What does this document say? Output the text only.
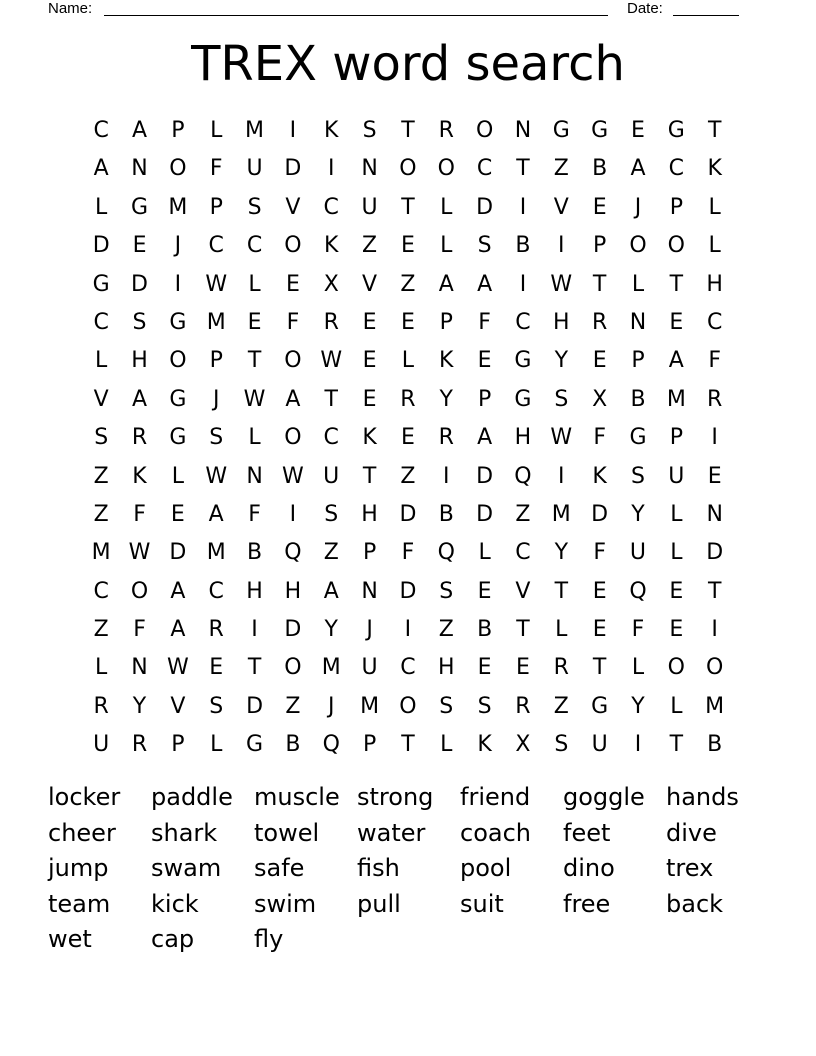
Name:	Date:
TREX word search
C	A	P	L	M	I	K	S	T	R	O N G G	E	G	T
A	N O	F	U D	I	N O O	C	T	Z	B	A	C	K
L	G M	P	S	V	C	U	T	L	D	I	V	E	J	P	L
D	E	J	C	C O	K	Z	E	L	S	B	I	P	O O	L
G D	I	W L	E	X	V	Z	A	A	I	W T	L	T	H
C	S	G M E	F	R	E	E	P	F	C	H	R	N	E	C
L	H O	P	T	O W E	L	K	E	G	Y	E	P	A	F
V	A	G	J	W A	T	E	R	Y	P	G	S	X	B M R
S	R	G	S	L	O	C	K	E	R	A	H W F	G	P	I
Z	K	L W N W U	T	Z	I	D Q	I	K	S	U	E
Z	F	E	A	F	I	S	H D	B	D	Z M D	Y	L	N
M W D M B	Q	Z	P	F	Q	L	C	Y	F	U	L	D
C O	A	C	H H	A	N D	S	E	V	T	E	Q	E	T
Z	F	A	R	I	D	Y	J	I	Z	B	T	L	E	F	E	I
L	N W E	T	O M U	C	H	E	E	R	T	L	O O
R	Y	V	S	D	Z	J	M O	S	S	R	Z	G	Y	L	M
U	R	P	L	G	B	Q	P	T	L	K	X	S	U	I	T	B
locker	paddle muscle strong	friend	goggle hands
cheer	shark	towel	water	coach	feet	dive
jump	swam	safe	fish	pool	dino	trex
team	kick	swim	pull	suit	free	back
wet	cap	fly
